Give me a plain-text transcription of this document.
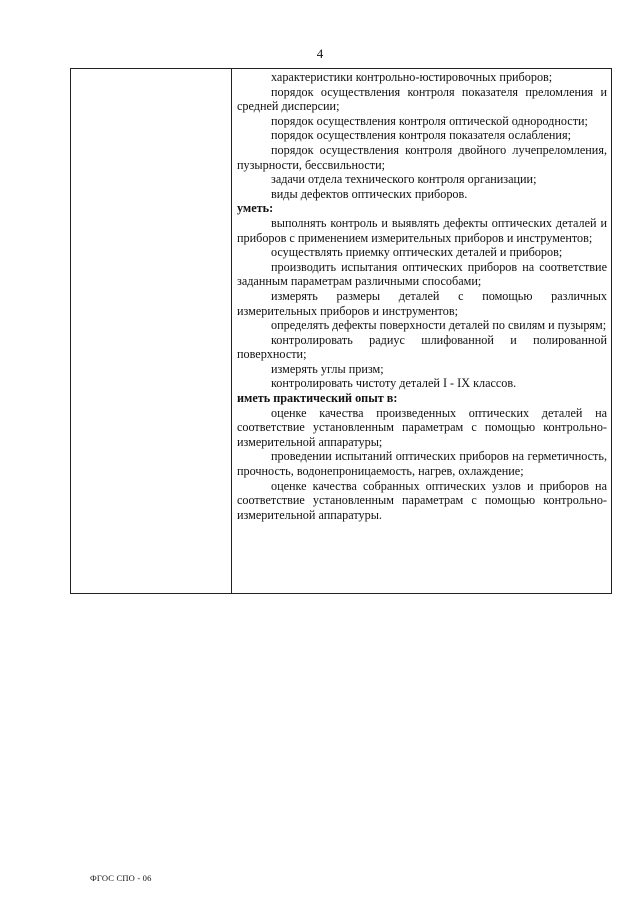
4

характеристики контрольно-юстировочных приборов;

порядок осуществления контроля показателя преломления и средней дисперсии;

порядок осуществления контроля оптической однородности;

порядок осуществления контроля показателя ослабления;

порядок осуществления контроля двойного лучепреломления, пузырности, бессвильности;

задачи отдела технического контроля организации;

виды дефектов оптических приборов.

уметь:

выполнять контроль и выявлять дефекты оптических деталей и приборов с применением измерительных приборов и инструментов;

осуществлять приемку оптических деталей и приборов;

производить испытания оптических приборов на соответствие заданным параметрам различными способами;

измерять размеры деталей с помощью различных измерительных приборов и инструментов;

определять дефекты поверхности деталей по свилям и пузырям;

контролировать радиус шлифованной и полированной поверхности;

измерять углы призм;

контролировать чистоту деталей I - IX классов.

иметь практический опыт в:

оценке качества произведенных оптических деталей на соответствие установленным параметрам с помощью контрольно-измерительной аппаратуры;

проведении испытаний оптических приборов на герметичность, прочность, водонепроницаемость, нагрев, охлаждение;

оценке качества собранных оптических узлов и приборов на соответствие установленным параметрам с помощью контрольно-измерительной аппаратуры.

ФГОС СПО - 06
